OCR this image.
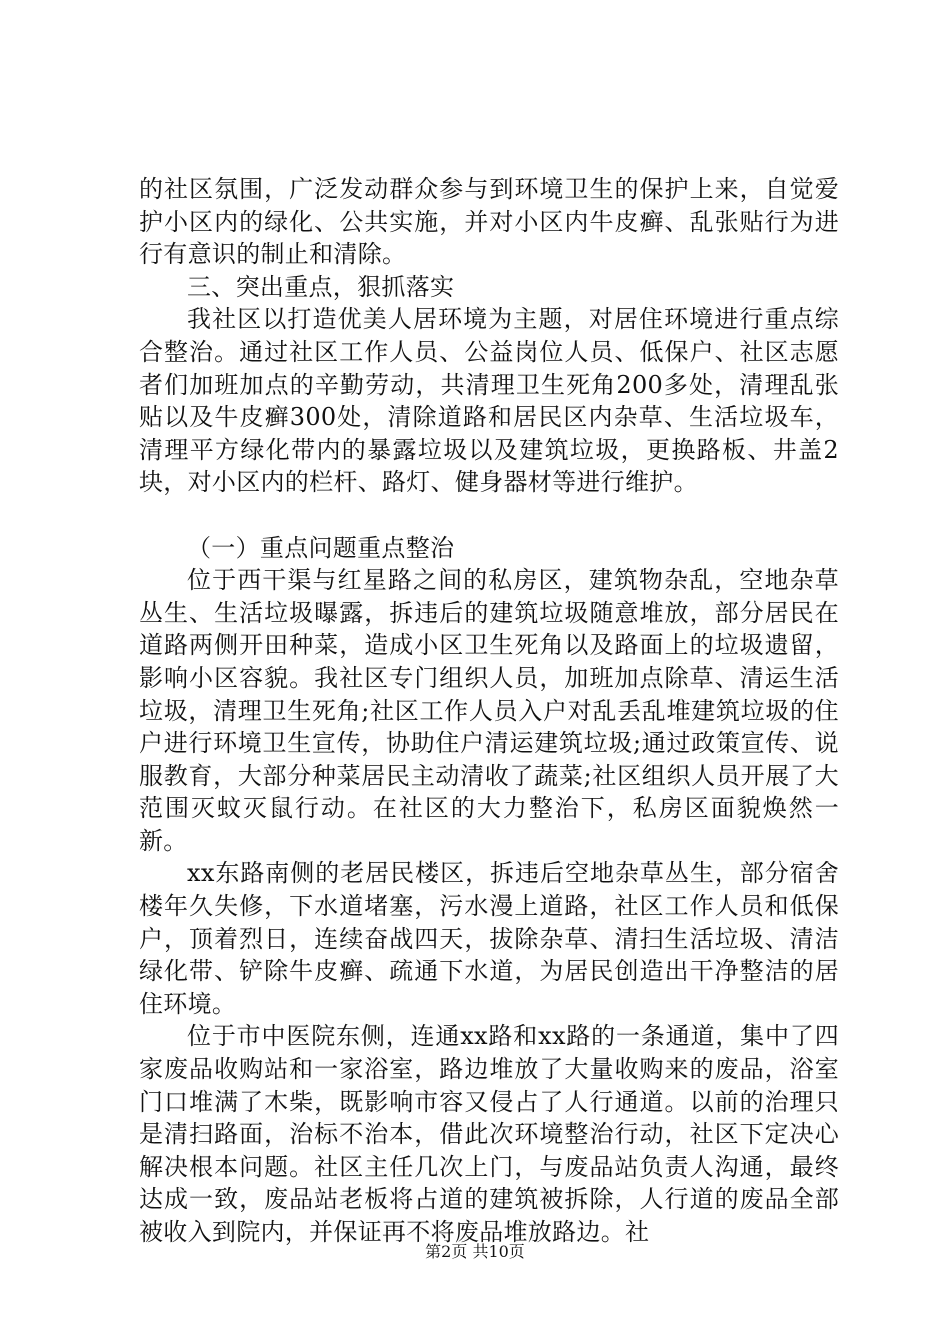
的社区氛围，广泛发动群众参与到环境卫生的保护上来，自觉爱护小区内的绿化、公共实施，并对小区内牛皮癣、乱张贴行为进行有意识的制止和清除。

三、突出重点，狠抓落实

我社区以打造优美人居环境为主题，对居住环境进行重点综合整治。通过社区工作人员、公益岗位人员、低保户、社区志愿者们加班加点的辛勤劳动，共清理卫生死角200多处，清理乱张贴以及牛皮癣300处，清除道路和居民区内杂草、生活垃圾车，清理平方绿化带内的暴露垃圾以及建筑垃圾，更换路板、井盖2块，对小区内的栏杆、路灯、健身器材等进行维护。

（一）重点问题重点整治

位于西干渠与红星路之间的私房区，建筑物杂乱，空地杂草丛生、生活垃圾曝露，拆违后的建筑垃圾随意堆放，部分居民在道路两侧开田种菜，造成小区卫生死角以及路面上的垃圾遗留，影响小区容貌。我社区专门组织人员，加班加点除草、清运生活垃圾，清理卫生死角;社区工作人员入户对乱丢乱堆建筑垃圾的住户进行环境卫生宣传，协助住户清运建筑垃圾;通过政策宣传、说服教育，大部分种菜居民主动清收了蔬菜;社区组织人员开展了大范围灭蚊灭鼠行动。在社区的大力整治下，私房区面貌焕然一新。

xx东路南侧的老居民楼区，拆违后空地杂草丛生，部分宿舍楼年久失修，下水道堵塞，污水漫上道路，社区工作人员和低保户，顶着烈日，连续奋战四天，拔除杂草、清扫生活垃圾、清洁绿化带、铲除牛皮癣、疏通下水道，为居民创造出干净整洁的居住环境。

位于市中医院东侧，连通xx路和xx路的一条通道，集中了四家废品收购站和一家浴室，路边堆放了大量收购来的废品，浴室门口堆满了木柴，既影响市容又侵占了人行通道。以前的治理只是清扫路面，治标不治本，借此次环境整治行动，社区下定决心解决根本问题。社区主任几次上门，与废品站负责人沟通，最终达成一致，废品站老板将占道的建筑被拆除，人行道的废品全部被收入到院内，并保证再不将废品堆放路边。社

第2页 共10页
